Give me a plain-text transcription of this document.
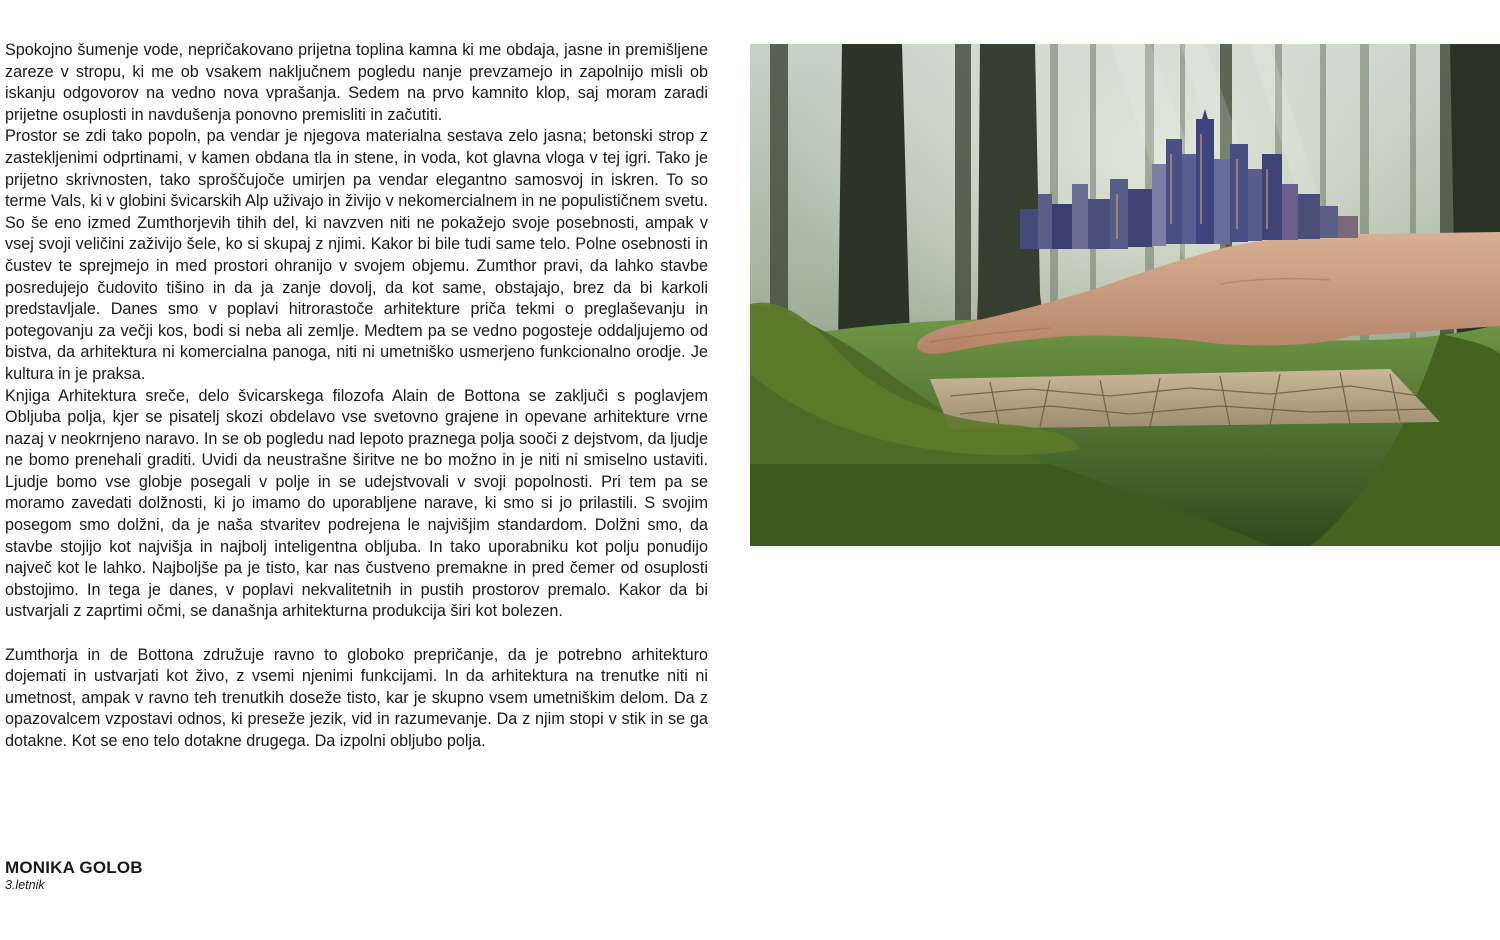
Spokojno šumenje vode, nepričakovano prijetna toplina kamna ki me obdaja, jasne in premišljene zareze v stropu, ki me ob vsakem naključnem pogledu nanje prevzamejo in zapolnijo misli ob iskanju odgovorov na vedno nova vprašanja. Sedem na prvo kamnito klop, saj moram zaradi prijetne osuplosti in navdušenja ponovno premisliti in začutiti.

Prostor se zdi tako popoln, pa vendar je njegova materialna sestava zelo jasna; betonski strop z zastekljenimi odprtinami, v kamen obdana tla in stene, in voda, kot glavna vloga v tej igri. Tako je prijetno skrivnosten, tako sproščujoče umirjen pa vendar elegantno samosvoj in iskren. To so terme Vals, ki v globini švicarskih Alp uživajo in živijo v nekomercialnem in ne populističnem svetu. So še eno izmed Zumthorjevih tihih del, ki navzven niti ne pokažejo svoje posebnosti, ampak v vsej svoji veličini zaživijo šele, ko si skupaj z njimi. Kakor bi bile tudi same telo. Polne osebnosti in čustev te sprejmejo in med prostori ohranijo v svojem objemu. Zumthor pravi, da lahko stavbe posredujejo čudovito tišino in da ja zanje dovolj, da kot same, obstajajo, brez da bi karkoli predstavljale. Danes smo v poplavi hitrorastoče arhitekture priča tekmi o preglaševanju in potegovanju za večji kos, bodi si neba ali zemlje. Medtem pa se vedno pogosteje oddaljujemo od bistva, da arhitektura ni komercialna panoga, niti ni umetniško usmerjeno funkcionalno orodje. Je kultura in je praksa.

Knjiga Arhitektura sreče, delo švicarskega filozofa Alain de Bottona se zaključi s poglavjem Obljuba polja, kjer se pisatelj skozi obdelavo vse svetovno grajene in opevane arhitekture vrne nazaj v neokrnjeno naravo. In se ob pogledu nad lepoto praznega polja sooči z dejstvom, da ljudje ne bomo prenehali graditi. Uvidi da neustrašne širitve ne bo možno in je niti ni smiselno ustaviti. Ljudje bomo vse globje posegali v polje in se udejstvovali v svoji popolnosti. Pri tem pa se moramo zavedati dolžnosti, ki jo imamo do uporabljene narave, ki smo si jo prilastili. S svojim posegom smo dolžni, da je naša stvaritev podrejena le najvišjim standardom. Dolžni smo, da stavbe stojijo kot najvišja in najbolj inteligentna obljuba. In tako uporabniku kot polju ponudijo največ kot le lahko. Najboljše pa je tisto, kar nas čustveno premakne in pred čemer od osuplosti obstojimo. In tega je danes, v poplavi nekvalitetnih in pustih prostorov premalo. Kakor da bi ustvarjali z zaprtimi očmi, se današnja arhitekturna produkcija širi kot bolezen.

Zumthorja in de Bottona združuje ravno to globoko prepričanje, da je potrebno arhitekturo dojemati in ustvarjati kot živo, z vsemi njenimi funkcijami. In da arhitektura na trenutke niti ni umetnost, ampak v ravno teh trenutkih doseže tisto, kar je skupno vsem umetniškim delom. Da z opazovalcem vzpostavi odnos, ki preseže jezik, vid in razumevanje. Da z njim stopi v stik in se ga dotakne. Kot se eno telo dotakne drugega. Da izpolni obljubo polja.

MONIKA GOLOB
3.letnik
